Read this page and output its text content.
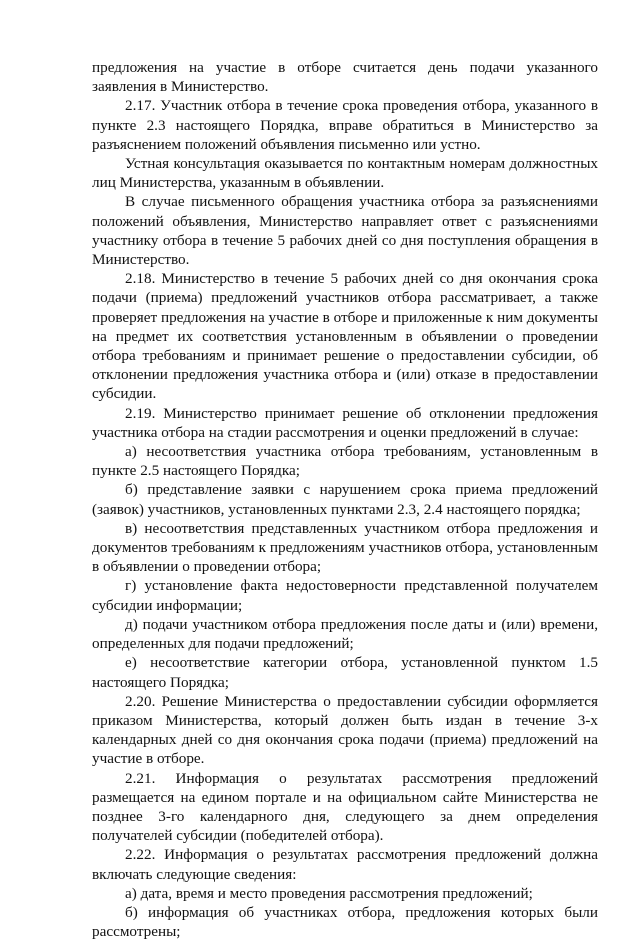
предложения на участие в отборе считается день подачи указанного заявления в Министерство.

2.17. Участник отбора в течение срока проведения отбора, указанного в пункте 2.3 настоящего Порядка, вправе обратиться в Министерство за разъяснением положений объявления письменно или устно.

Устная консультация оказывается по контактным номерам должностных лиц Министерства, указанным в объявлении.

В случае письменного обращения участника отбора за разъяснениями положений объявления, Министерство направляет ответ с разъяснениями участнику отбора в течение 5 рабочих дней со дня поступления обращения в Министерство.

2.18. Министерство в течение 5 рабочих дней со дня окончания срока подачи (приема) предложений участников отбора рассматривает, а также проверяет предложения на участие в отборе и приложенные к ним документы на предмет их соответствия установленным в объявлении о проведении отбора требованиям и принимает решение о предоставлении субсидии, об отклонении предложения участника отбора и (или) отказе в предоставлении субсидии.

2.19. Министерство принимает решение об отклонении предложения участника отбора на стадии рассмотрения и оценки предложений в случае:

а) несоответствия участника отбора требованиям, установленным в пункте 2.5 настоящего Порядка;

б) представление заявки с нарушением срока приема предложений (заявок) участников, установленных пунктами 2.3, 2.4 настоящего порядка;

в) несоответствия представленных участником отбора предложения и документов требованиям к предложениям участников отбора, установленным в объявлении о проведении отбора;

г) установление факта недостоверности представленной получателем субсидии информации;

д) подачи участником отбора предложения после даты и (или) времени, определенных для подачи предложений;

е) несоответствие категории отбора, установленной пунктом 1.5 настоящего Порядка;

2.20. Решение Министерства о предоставлении субсидии оформляется приказом Министерства, который должен быть издан в течение 3-х календарных дней со дня окончания срока подачи (приема) предложений на участие в отборе.

2.21. Информация о результатах рассмотрения предложений размещается на едином портале и на официальном сайте Министерства не позднее 3-го календарного дня, следующего за днем определения получателей субсидии (победителей отбора).

2.22. Информация о результатах рассмотрения предложений должна включать следующие сведения:

а) дата, время и место проведения рассмотрения предложений;

б) информация об участниках отбора, предложения которых были рассмотрены;
